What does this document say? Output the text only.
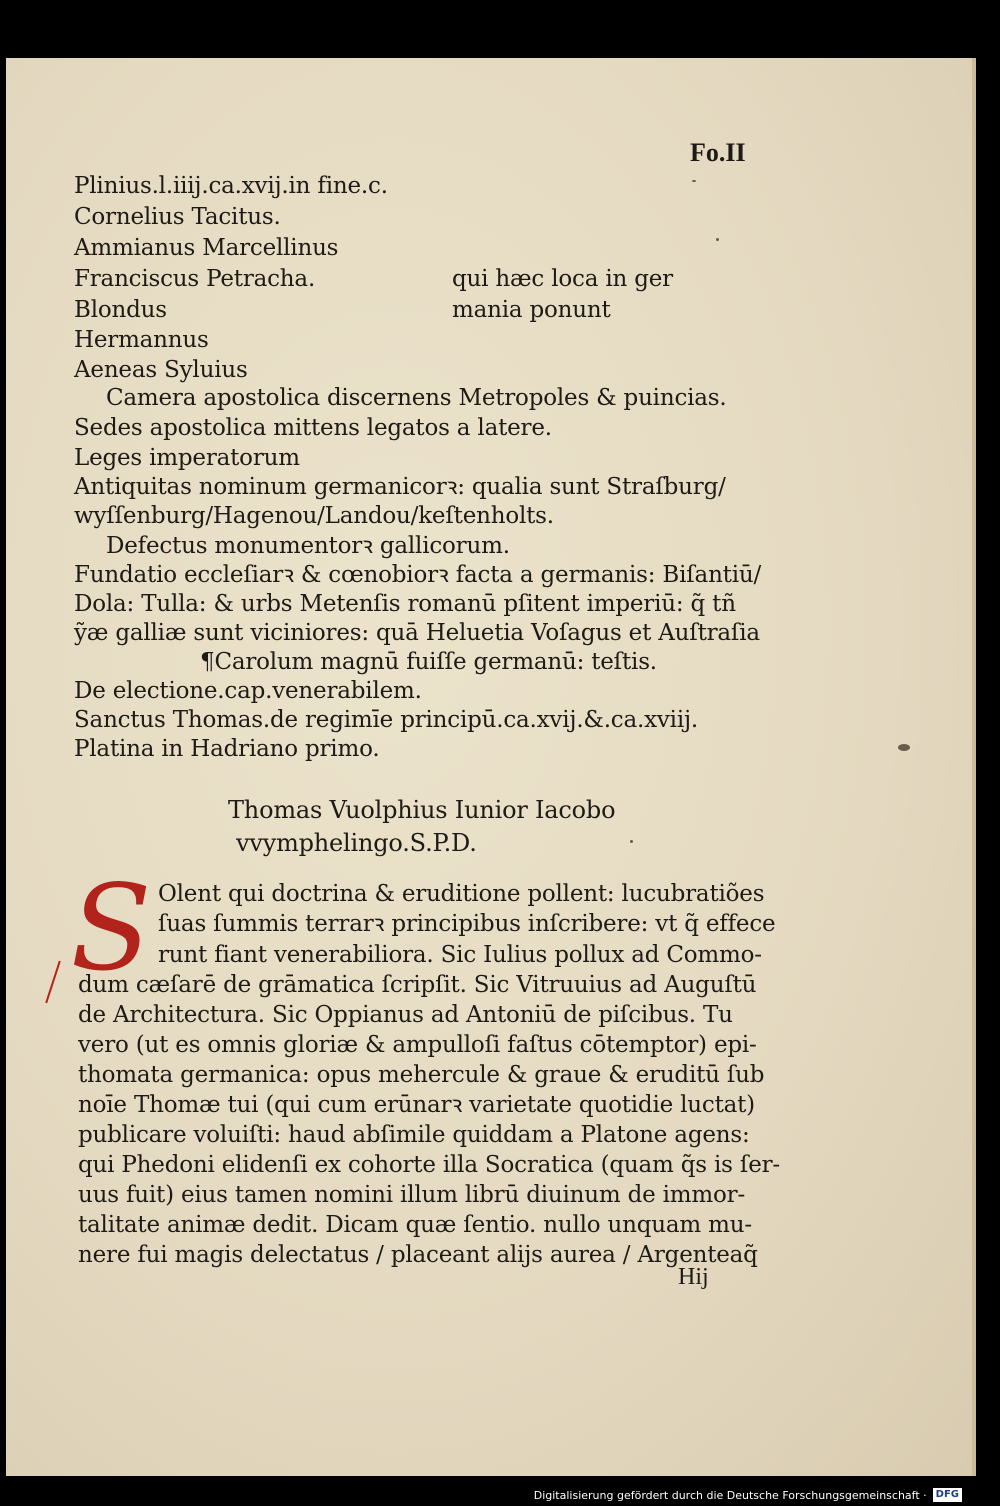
Fo.II
Plinius.l.iiij.ca.xvij.in fine.c.
Cornelius Tacitus.
Ammianus Marcellinus
Franciscus Petracha.
Blondus
Hermannus
Aeneas Syluius
qui hæc loca in ger
mania ponunt
Camera apostolica discernens Metropoles & puincias.
Sedes apostolica mittens legatos a latere.
Leges imperatorum
Antiquitas nominum germanicorꝛ: qualia sunt Straſburg/
wyſſenburg/Hagenou/Landou/keſtenholts.
Defectus monumentorꝛ gallicorum.
Fundatio eccleſiarꝛ & cœnobiorꝛ facta a germanis: Biſantiū/
Dola: Tulla: & urbs Metenſis romanū pſitent imperiū: q̃ tñ
ỹæ galliæ sunt viciniores: quā Heluetia Voſagus et Auſtraſia
¶Carolum magnū fuiſſe germanū: teſtis.
De electione.cap.venerabilem.
Sanctus Thomas.de regimīe principū.ca.xvij.&.ca.xviij.
Platina in Hadriano primo.
Thomas Vuolphius Iunior Iacobo
vvymphelingo.S.P.D.
S Olent qui doctrina & eruditione pollent: lucubratiões
ſuas ſummis terrarꝛ principibus inſcribere: vt q̃ effece
runt fiant venerabiliora. Sic Iulius pollux ad Commo-
dum cæſarē de grāmatica ſcripſit. Sic Vitruuius ad Auguſtū
de Architectura. Sic Oppianus ad Antoniū de piſcibus. Tu
vero (ut es omnis gloriæ & ampulloſi faſtus cōtemptor) epi-
thomata germanica: opus mehercule & graue & eruditū ſub
noīe Thomæ tui (qui cum erūnarꝛ varietate quotidie luctat)
publicare voluiſti: haud abſimile quiddam a Platone agens:
qui Phedoni elidenſi ex cohorte illa Socratica (quam q̃s is ſer-
uus fuit) eius tamen nomini illum librū diuinum de immor-
talitate animæ dedit. Dicam quæ ſentio. nullo unquam mu-
nere fui magis delectatus / placeant alijs aurea / Argenteaq̃
Hij
Digitalisierung gefördert durch die Deutsche Forschungsgemeinschaft · DFG
